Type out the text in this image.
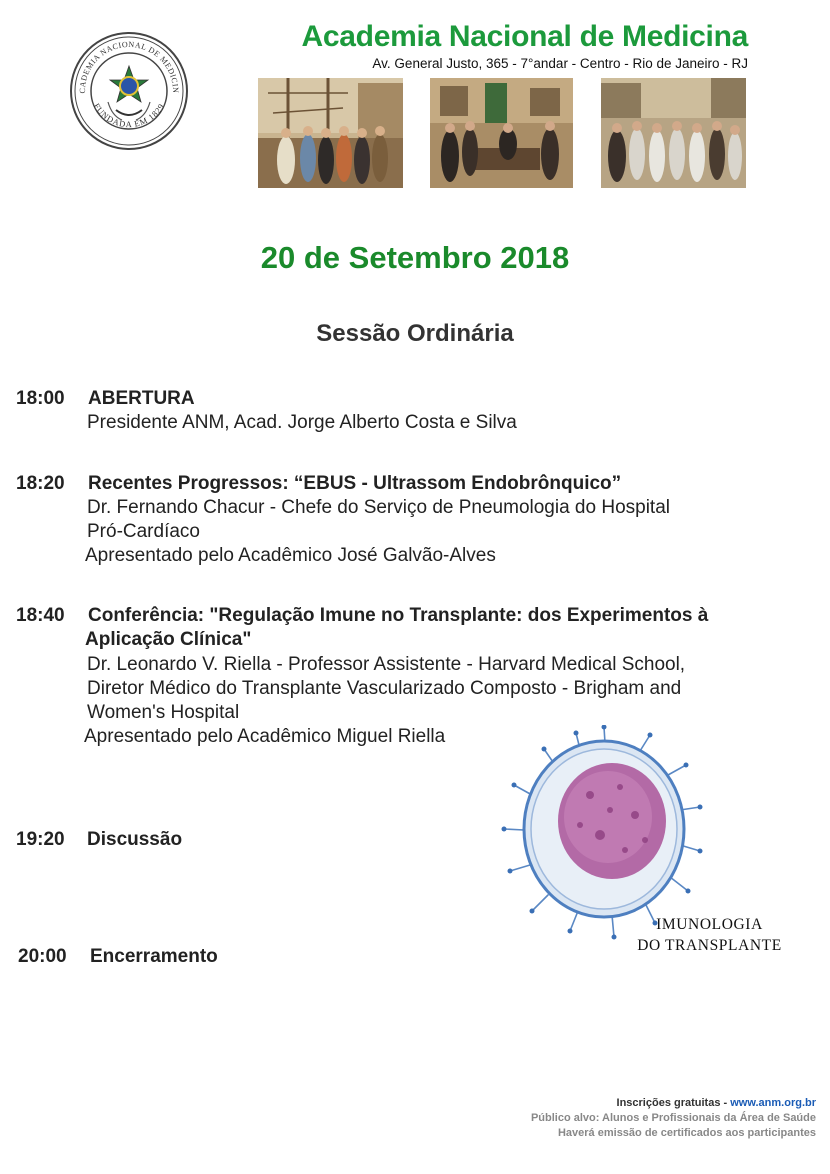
CADEMIA NACIONAL DE MEDICIN
FUNDADA EM 1829
Academia Nacional de Medicina
Av. General Justo, 365 - 7°andar - Centro - Rio de Janeiro - RJ
20 de Setembro 2018
Sessão Ordinária
18:00 ABERTURA
Presidente ANM, Acad. Jorge Alberto Costa e Silva
18:20 Recentes Progressos: “EBUS - Ultrassom Endobrônquico”
Dr. Fernando Chacur - Chefe do Serviço de Pneumologia do Hospital
Pró-Cardíaco
Apresentado pelo Acadêmico José Galvão-Alves
18:40 Conferência: "Regulação Imune no Transplante: dos Experimentos à
Aplicação Clínica"
Dr. Leonardo V. Riella - Professor Assistente - Harvard Medical School,
Diretor Médico do Transplante Vascularizado Composto - Brigham and
Women's Hospital
Apresentado pelo Acadêmico Miguel Riella
19:20 Discussão
20:00 Encerramento
IMUNOLOGIA
DO TRANSPLANTE
Inscrições gratuitas - www.anm.org.br
Público alvo: Alunos e Profissionais da Área de Saúde
Haverá emissão de certificados aos participantes
